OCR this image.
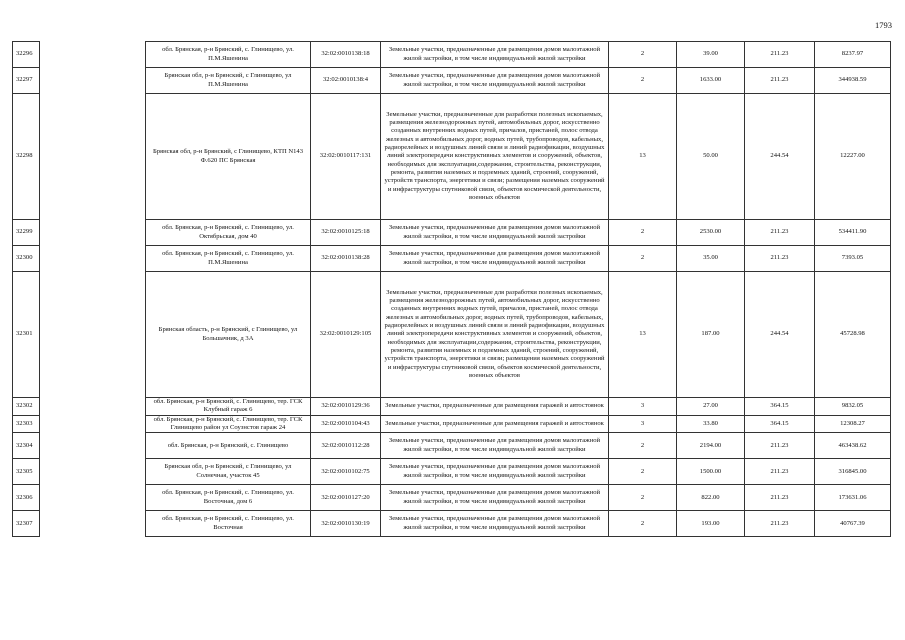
1793
32296		обл. Брянская, р-н Брянский, с. Глинищево, ул. П.М.Яшенина	32:02:0010138:18	Земельные участки, предназначенные для размещения домов малоэтажной жилой застройки, в том числе индивидуальной жилой застройки	2	39.00	211.23	8237.97
32297		Брянская обл, р-н Брянский, с Глинищево, ул П.М.Яшенина	32:02:0010138:4	Земельные участки, предназначенные для размещения домов малоэтажной жилой застройки, в том числе индивидуальной жилой застройки	2	1633.00	211.23	344938.59
32298		Брянская обл, р-н Брянский, с Глинищево, КТП N143 Ф.620 ПС Брянская	32:02:0010117:131	Земельные участки, предназначенные для разработки полезных ископаемых, размещения железнодорожных путей, автомобильных дорог, искусственно созданных внутренних водных путей, причалов, пристаней, полос отвода железных и автомобильных дорог, водных путей, трубопроводов, кабельных, радиорелейных и воздушных линий связи и линий радиофикации, воздушных линий электропередачи конструктивных элементов и сооружений, объектов, необходимых для эксплуатации,содержания, строительства, реконструкции, ремонта, развития наземных и подземных зданий, строений, сооружений, устройств транспорта, энергетики и связи; размещения наземных сооружений и инфраструктуры спутниковой связи, объектов космической деятельности, военных объектов	13	50.00	244.54	12227.00
32299		обл. Брянская, р-н Брянский, с. Глинищево, ул. Октябрьская, дом 40	32:02:0010125:18	Земельные участки, предназначенные для размещения домов малоэтажной жилой застройки, в том числе индивидуальной жилой застройки	2	2530.00	211.23	534411.90
32300		обл. Брянская, р-н Брянский, с. Глинищево, ул. П.М.Яшенина	32:02:0010138:28	Земельные участки, предназначенные для размещения домов малоэтажной жилой застройки, в том числе индивидуальной жилой застройки	2	35.00	211.23	7393.05
32301		Брянская область, р-н Брянский, с Глинищево, ул Большачник, д 3А	32:02:0010129:105	Земельные участки, предназначенные для разработки полезных ископаемых, размещения железнодорожных путей, автомобильных дорог, искусственно созданных внутренних водных путей, причалов, пристаней, полос отвода железных и автомобильных дорог, водных путей, трубопроводов, кабельных, радиорелейных и воздушных линий связи и линий радиофикации, воздушных линий электропередачи конструктивных элементов и сооружений, объектов, необходимых для эксплуатации,содержания, строительства, реконструкции, ремонта, развития наземных и подземных зданий, строений, сооружений, устройств транспорта, энергетики и связи; размещения наземных сооружений и инфраструктуры спутниковой связи, объектов космической деятельности, военных объектов	13	187.00	244.54	45728.98
32302		обл. Брянская, р-н Брянский, с. Глинищево, тер. ГСК Клубный гараж 6	32:02:0010129:36	Земельные участки, предназначенные для размещения гаражей и автостоянок	3	27.00	364.15	9832.05
32303		обл. Брянская, р-н Брянский, с. Глинищево, тер. ГСК Глинищево район ул Соузнстов гараж 24	32:02:0010104:43	Земельные участки, предназначенные для размещения гаражей и автостоянок	3	33.80	364.15	12308.27
32304		обл. Брянская, р-н Брянский, с. Глинищево	32:02:0010112:28	Земельные участки, предназначенные для размещения домов малоэтажной жилой застройки, в том числе индивидуальной жилой застройки	2	2194.00	211.23	463438.62
32305		Брянская обл, р-н Брянский, с Глинищево, ул Солнечная, участок 45	32:02:0010102:75	Земельные участки, предназначенные для размещения домов малоэтажной жилой застройки, в том числе индивидуальной жилой застройки	2	1500.00	211.23	316845.00
32306		обл. Брянская, р-н Брянский, с. Глинищево, ул. Восточная, дом 6	32:02:0010127:20	Земельные участки, предназначенные для размещения домов малоэтажной жилой застройки, в том числе индивидуальной жилой застройки	2	822.00	211.23	173631.06
32307		обл. Брянская, р-н Брянский, с. Глинищево, ул. Восточная	32:02:0010130:19	Земельные участки, предназначенные для размещения домов малоэтажной жилой застройки, в том числе индивидуальной жилой застройки	2	193.00	211.23	40767.39
